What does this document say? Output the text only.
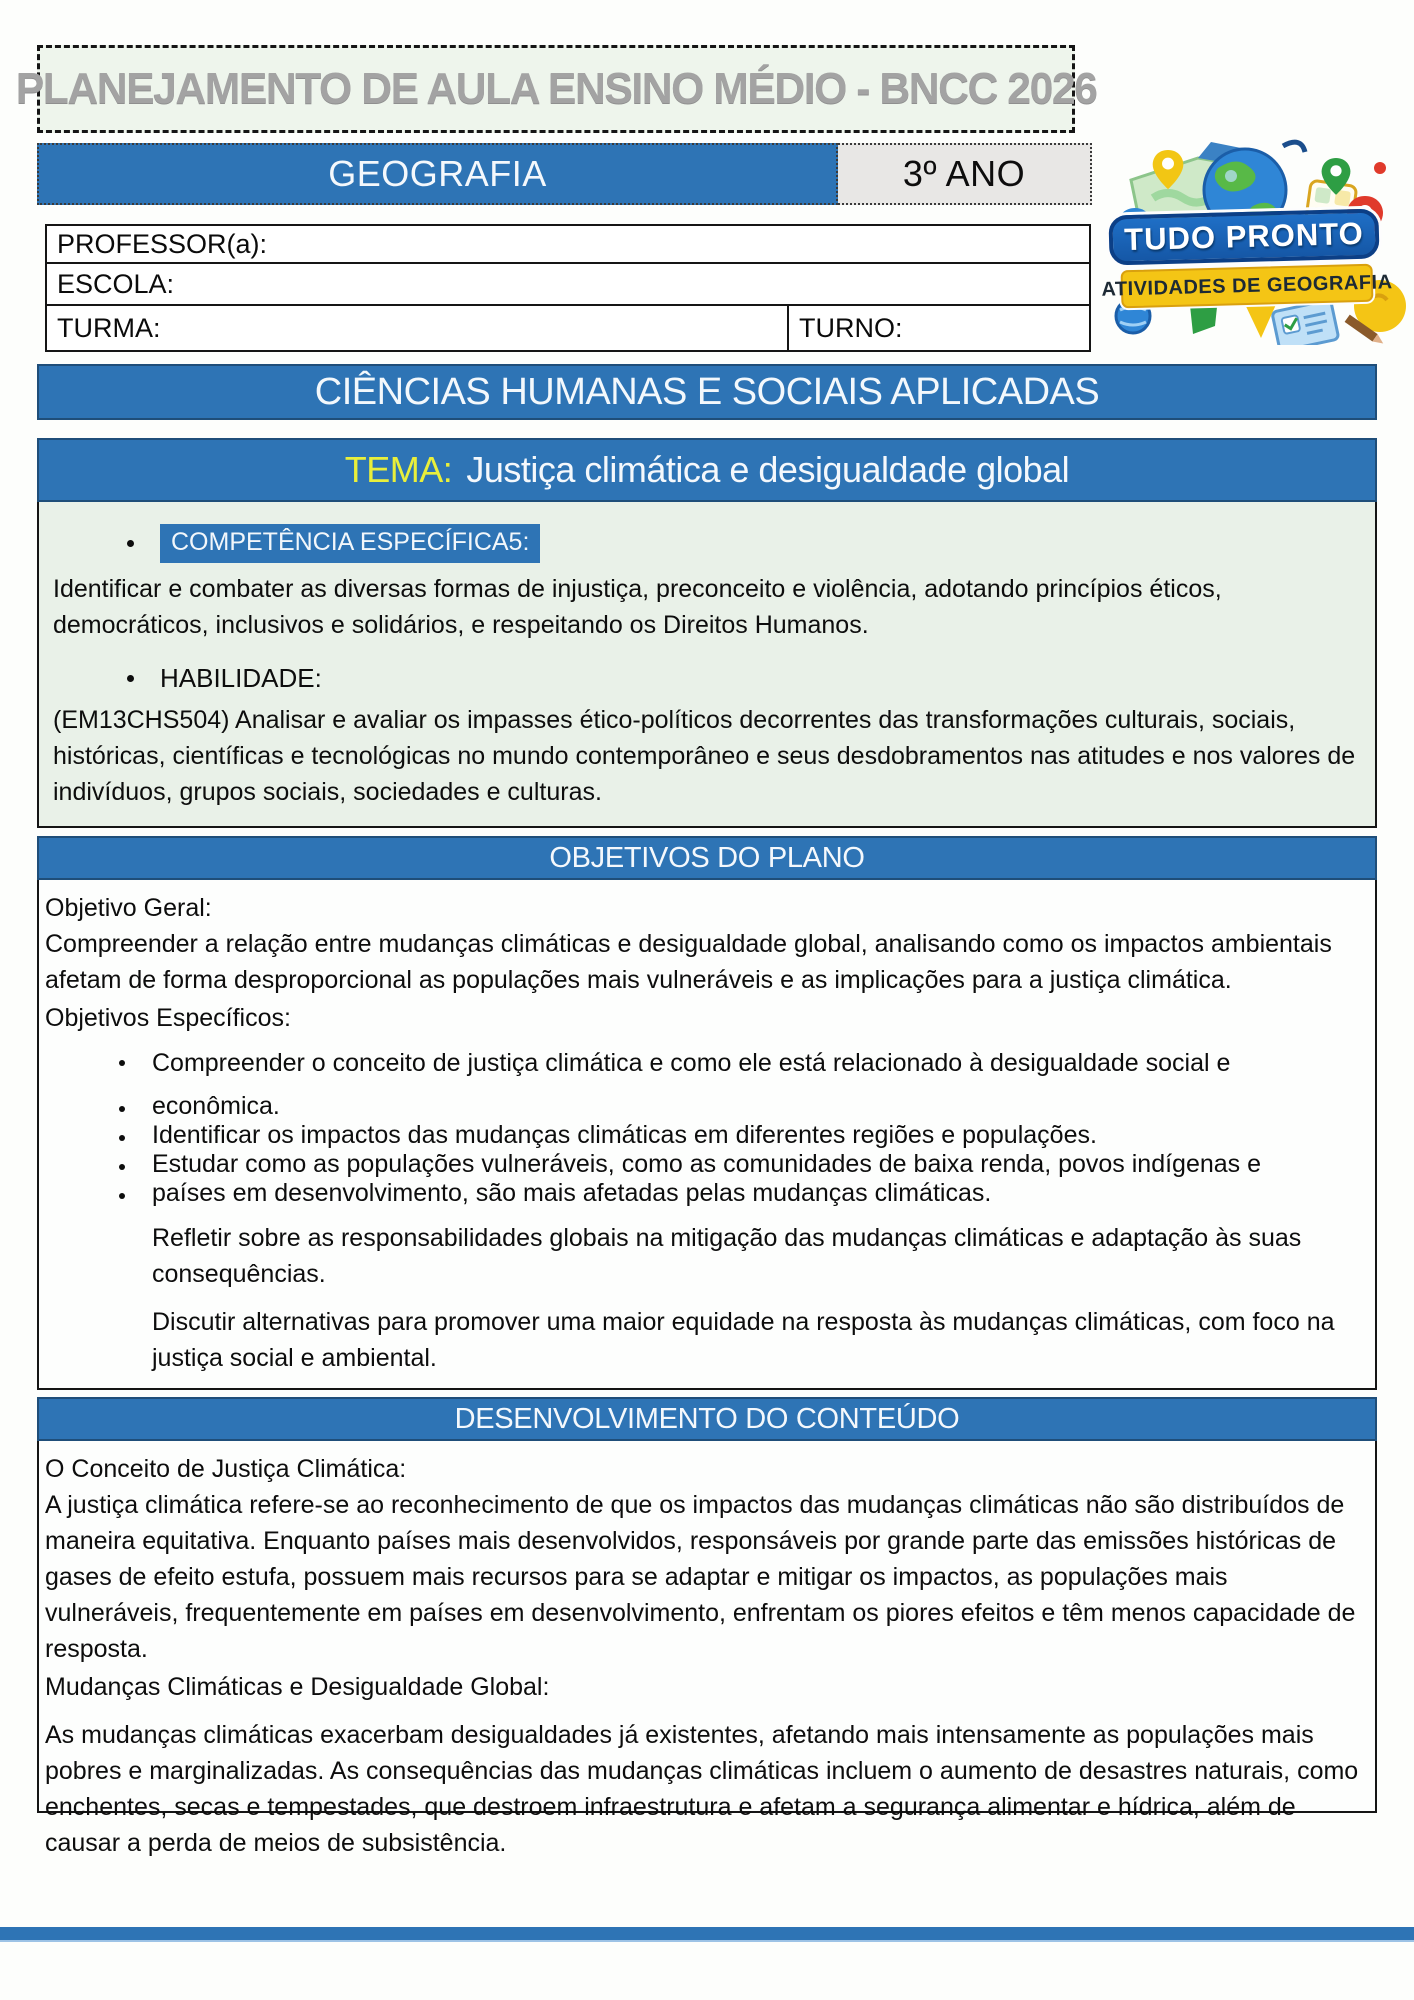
PLANEJAMENTO DE AULA ENSINO MÉDIO - BNCC 2026
GEOGRAFIA	3º ANO
TUDO PRONTO
ATIVIDADES DE GEOGRAFIA
PROFESSOR(a):
ESCOLA:
TURMA:	TURNO:
CIÊNCIAS HUMANAS E SOCIAIS APLICADAS
TEMA: Justiça climática e desigualdade global
COMPETÊNCIA ESPECÍFICA5:

Identificar e combater as diversas formas de injustiça, preconceito e violência, adotando princípios éticos, democráticos, inclusivos e solidários, e respeitando os Direitos Humanos.

HABILIDADE:

(EM13CHS504) Analisar e avaliar os impasses ético-políticos decorrentes das transformações culturais, sociais, históricas, científicas e tecnológicas no mundo contemporâneo e seus desdobramentos nas atitudes e nos valores de indivíduos, grupos sociais, sociedades e culturas.

OBJETIVOS DO PLANO

Objetivo Geral:

Compreender a relação entre mudanças climáticas e desigualdade global, analisando como os impactos ambientais afetam de forma desproporcional as populações mais vulneráveis e as implicações para a justiça climática.

Objetivos Específicos:

Compreender o conceito de justiça climática e como ele está relacionado à desigualdade social e
econômica.
Identificar os impactos das mudanças climáticas em diferentes regiões e populações.
Estudar como as populações vulneráveis, como as comunidades de baixa renda, povos indígenas e
países em desenvolvimento, são mais afetadas pelas mudanças climáticas.

Refletir sobre as responsabilidades globais na mitigação das mudanças climáticas e adaptação às suas consequências.

Discutir alternativas para promover uma maior equidade na resposta às mudanças climáticas, com foco na justiça social e ambiental.

DESENVOLVIMENTO DO CONTEÚDO

O Conceito de Justiça Climática:

A justiça climática refere-se ao reconhecimento de que os impactos das mudanças climáticas não são distribuídos de maneira equitativa. Enquanto países mais desenvolvidos, responsáveis por grande parte das emissões históricas de gases de efeito estufa, possuem mais recursos para se adaptar e mitigar os impactos, as populações mais vulneráveis, frequentemente em países em desenvolvimento, enfrentam os piores efeitos e têm menos capacidade de resposta.

Mudanças Climáticas e Desigualdade Global:

As mudanças climáticas exacerbam desigualdades já existentes, afetando mais intensamente as populações mais pobres e marginalizadas. As consequências das mudanças climáticas incluem o aumento de desastres naturais, como enchentes, secas e tempestades, que destroem infraestrutura e afetam a segurança alimentar e hídrica, além de causar a perda de meios de subsistência.
